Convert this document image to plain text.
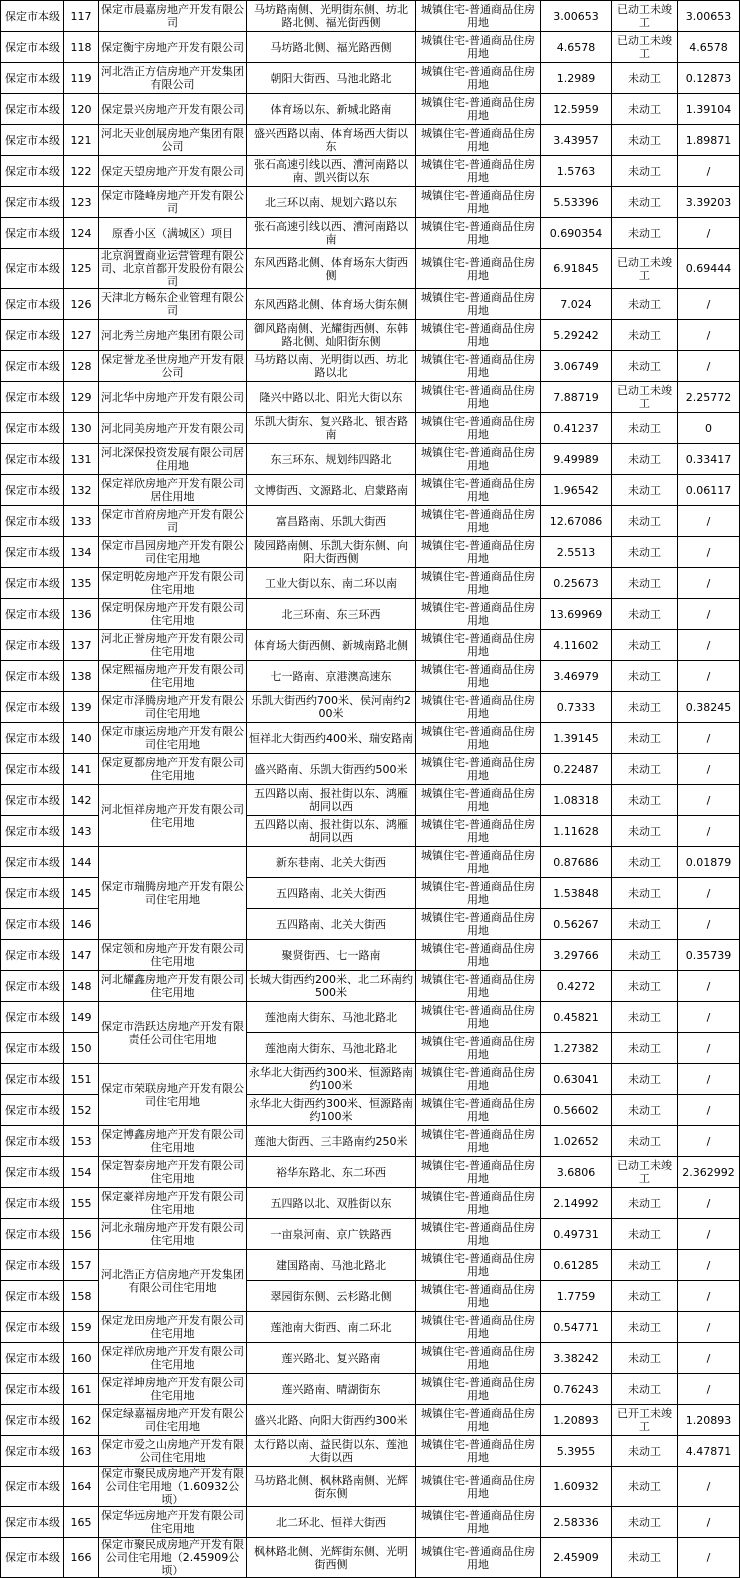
保定市本级	117	保定市晨嘉房地产开发有限公司	马坊路南侧、光明街东侧、坊北路北侧、福光街西侧	城镇住宅-普通商品住房用地	3.00653	已动工未竣工	3.00653
保定市本级	118	保定衡宇房地产开发有限公司	马坊路北侧、福光路西侧	城镇住宅-普通商品住房用地	4.6578	已动工未竣工	4.6578
保定市本级	119	河北浩正方信房地产开发集团有限公司	朝阳大街西、马池北路北	城镇住宅-普通商品住房用地	1.2989	未动工	0.12873
保定市本级	120	保定景兴房地产开发有限公司	体育场以东、新城北路南	城镇住宅-普通商品住房用地	12.5959	未动工	1.39104
保定市本级	121	河北天业创展房地产集团有限公司	盛兴西路以南、体育场西大街以东	城镇住宅-普通商品住房用地	3.43957	未动工	1.89871
保定市本级	122	保定天望房地产开发有限公司	张石高速引线以西、漕河南路以南、凯兴街以东	城镇住宅-普通商品住房用地	1.5763	未动工	/
保定市本级	123	保定市隆峰房地产开发有限公司	北三环以南、规划六路以东	城镇住宅-普通商品住房用地	5.53396	未动工	3.39203
保定市本级	124	原香小区（满城区）项目	张石高速引线以西、漕河南路以南	城镇住宅-普通商品住房用地	0.690354	未动工	/
保定市本级	125	北京润置商业运营管理有限公司、北京首都开发股份有限公司	东风西路北侧、体育场东大街西侧	城镇住宅-普通商品住房用地	6.91845	已动工未竣工	0.69444
保定市本级	126	天津北方畅东企业管理有限公司	东风西路北侧、体育场大街东侧	城镇住宅-普通商品住房用地	7.024	未动工	/
保定市本级	127	河北秀兰房地产集团有限公司	御风路南侧、光耀街西侧、东韩路北侧、灿阳街东侧	城镇住宅-普通商品住房用地	5.29242	未动工	/
保定市本级	128	保定誉龙圣世房地产开发有限公司	马坊路以南、光明街以西、坊北路以北	城镇住宅-普通商品住房用地	3.06749	未动工	/
保定市本级	129	河北华中房地产开发有限公司	隆兴中路以北、阳光大街以东	城镇住宅-普通商品住房用地	7.88719	已动工未竣工	2.25772
保定市本级	130	河北同美房地产开发有限公司	乐凯大街东、复兴路北、银杏路南	城镇住宅-普通商品住房用地	0.41237	未动工	0
保定市本级	131	河北深保投资发展有限公司居住用地	东三环东、规划纬四路北	城镇住宅-普通商品住房用地	9.49989	未动工	0.33417
保定市本级	132	保定祥欣房地产开发有限公司居住用地	文博街西、文源路北、启蒙路南	城镇住宅-普通商品住房用地	1.96542	未动工	0.06117
保定市本级	133	保定市首府房地产开发有限公司	富昌路南、乐凯大街西	城镇住宅-普通商品住房用地	12.67086	未动工	/
保定市本级	134	保定市昌园房地产开发有限公司住宅用地	陵园路南侧、乐凯大街东侧、向阳大街西侧	城镇住宅-普通商品住房用地	2.5513	未动工	/
保定市本级	135	保定明乾房地产开发有限公司住宅用地	工业大街以东、南二环以南	城镇住宅-普通商品住房用地	0.25673	未动工	/
保定市本级	136	保定明保房地产开发有限公司住宅用地	北三环南、东三环西	城镇住宅-普通商品住房用地	13.69969	未动工	/
保定市本级	137	河北正誉房地产开发有限公司住宅用地	体育场大街西侧、新城南路北侧	城镇住宅-普通商品住房用地	4.11602	未动工	/
保定市本级	138	保定熙福房地产开发有限公司住宅用地	七一路南、京港澳高速东	城镇住宅-普通商品住房用地	3.46979	未动工	/
保定市本级	139	保定市泽腾房地产开发有限公司住宅用地	乐凯大街西约700米、侯河南约200米	城镇住宅-普通商品住房用地	0.7333	未动工	0.38245
保定市本级	140	保定市康运房地产开发有限公司住宅用地	恒祥北大街西约400米、瑞安路南	城镇住宅-普通商品住房用地	1.39145	未动工	/
保定市本级	141	保定夏都房地产开发有限公司住宅用地	盛兴路南、乐凯大街西约500米	城镇住宅-普通商品住房用地	0.22487	未动工	/
保定市本级	142	河北恒祥房地产开发有限公司住宅用地	五四路以南、报社街以东、鸿雁胡同以西	城镇住宅-普通商品住房用地	1.08318	未动工	/
保定市本级	143		五四路以南、报社街以东、鸿雁胡同以西	城镇住宅-普通商品住房用地	1.11628	未动工	/
保定市本级	144	保定市瑞腾房地产开发有限公司住宅用地	新东巷南、北关大街西	城镇住宅-普通商品住房用地	0.87686	未动工	0.01879
保定市本级	145		五四路南、北关大街西	城镇住宅-普通商品住房用地	1.53848	未动工	/
保定市本级	146		五四路南、北关大街西	城镇住宅-普通商品住房用地	0.56267	未动工	/
保定市本级	147	保定领和房地产开发有限公司住宅用地	聚贤街西、七一路南	城镇住宅-普通商品住房用地	3.29766	未动工	0.35739
保定市本级	148	河北耀鑫房地产开发有限公司住宅用地	长城大街西约200米、北二环南约500米	城镇住宅-普通商品住房用地	0.4272	未动工	/
保定市本级	149	保定市浩跃达房地产开发有限责任公司住宅用地	莲池南大街东、马池北路北	城镇住宅-普通商品住房用地	0.45821	未动工	/
保定市本级	150		莲池南大街东、马池北路北	城镇住宅-普通商品住房用地	1.27382	未动工	/
保定市本级	151	保定市荣联房地产开发有限公司住宅用地	永华北大街西约300米、恒源路南约100米	城镇住宅-普通商品住房用地	0.63041	未动工	/
保定市本级	152		永华北大街西约300米、恒源路南约100米	城镇住宅-普通商品住房用地	0.56602	未动工	/
保定市本级	153	保定博鑫房地产开发有限公司住宅用地	莲池大街西、三丰路南约250米	城镇住宅-普通商品住房用地	1.02652	未动工	/
保定市本级	154	保定智泰房地产开发有限公司住宅用地	裕华东路北、东二环西	城镇住宅-普通商品住房用地	3.6806	已动工未竣工	2.362992
保定市本级	155	保定豪祥房地产开发有限公司住宅用地	五四路以北、双胜街以东	城镇住宅-普通商品住房用地	2.14992	未动工	/
保定市本级	156	河北永瑞房地产开发有限公司住宅用地	一亩泉河南、京广铁路西	城镇住宅-普通商品住房用地	0.49731	未动工	/
保定市本级	157	河北浩正方信房地产开发集团有限公司住宅用地	建国路南、马池北路北	城镇住宅-普通商品住房用地	0.61285	未动工	/
保定市本级	158		翠园街东侧、云杉路北侧	城镇住宅-普通商品住房用地	1.7759	未动工	/
保定市本级	159	保定龙田房地产开发有限公司住宅用地	莲池南大街西、南二环北	城镇住宅-普通商品住房用地	0.54771	未动工	/
保定市本级	160	保定祥欣房地产开发有限公司住宅用地	莲兴路北、复兴路南	城镇住宅-普通商品住房用地	3.38242	未动工	/
保定市本级	161	保定祥坤房地产开发有限公司住宅用地	莲兴路南、晴湖街东	城镇住宅-普通商品住房用地	0.76243	未动工	/
保定市本级	162	保定绿嘉福房地产开发有限公司住宅用地	盛兴北路、向阳大街西约300米	城镇住宅-普通商品住房用地	1.20893	已开工未竣工	1.20893
保定市本级	163	保定市爱之山房地产开发有限公司住宅用地	太行路以南、益民街以东、莲池大街以西	城镇住宅-普通商品住房用地	5.3955	未动工	4.47871
保定市本级	164	保定市聚民成房地产开发有限公司住宅用地（1.60932公顷）	马坊路北侧、枫林路南侧、光辉街东侧	城镇住宅-普通商品住房用地	1.60932	未动工	/
保定市本级	165	保定华远房地产开发有限公司住宅用地	北二环北、恒祥大街西	城镇住宅-普通商品住房用地	2.58336	未动工	/
保定市本级	166	保定市聚民成房地产开发有限公司住宅用地（2.45909公顷）	枫林路北侧、光辉街东侧、光明街西侧	城镇住宅-普通商品住房用地	2.45909	未动工	/
